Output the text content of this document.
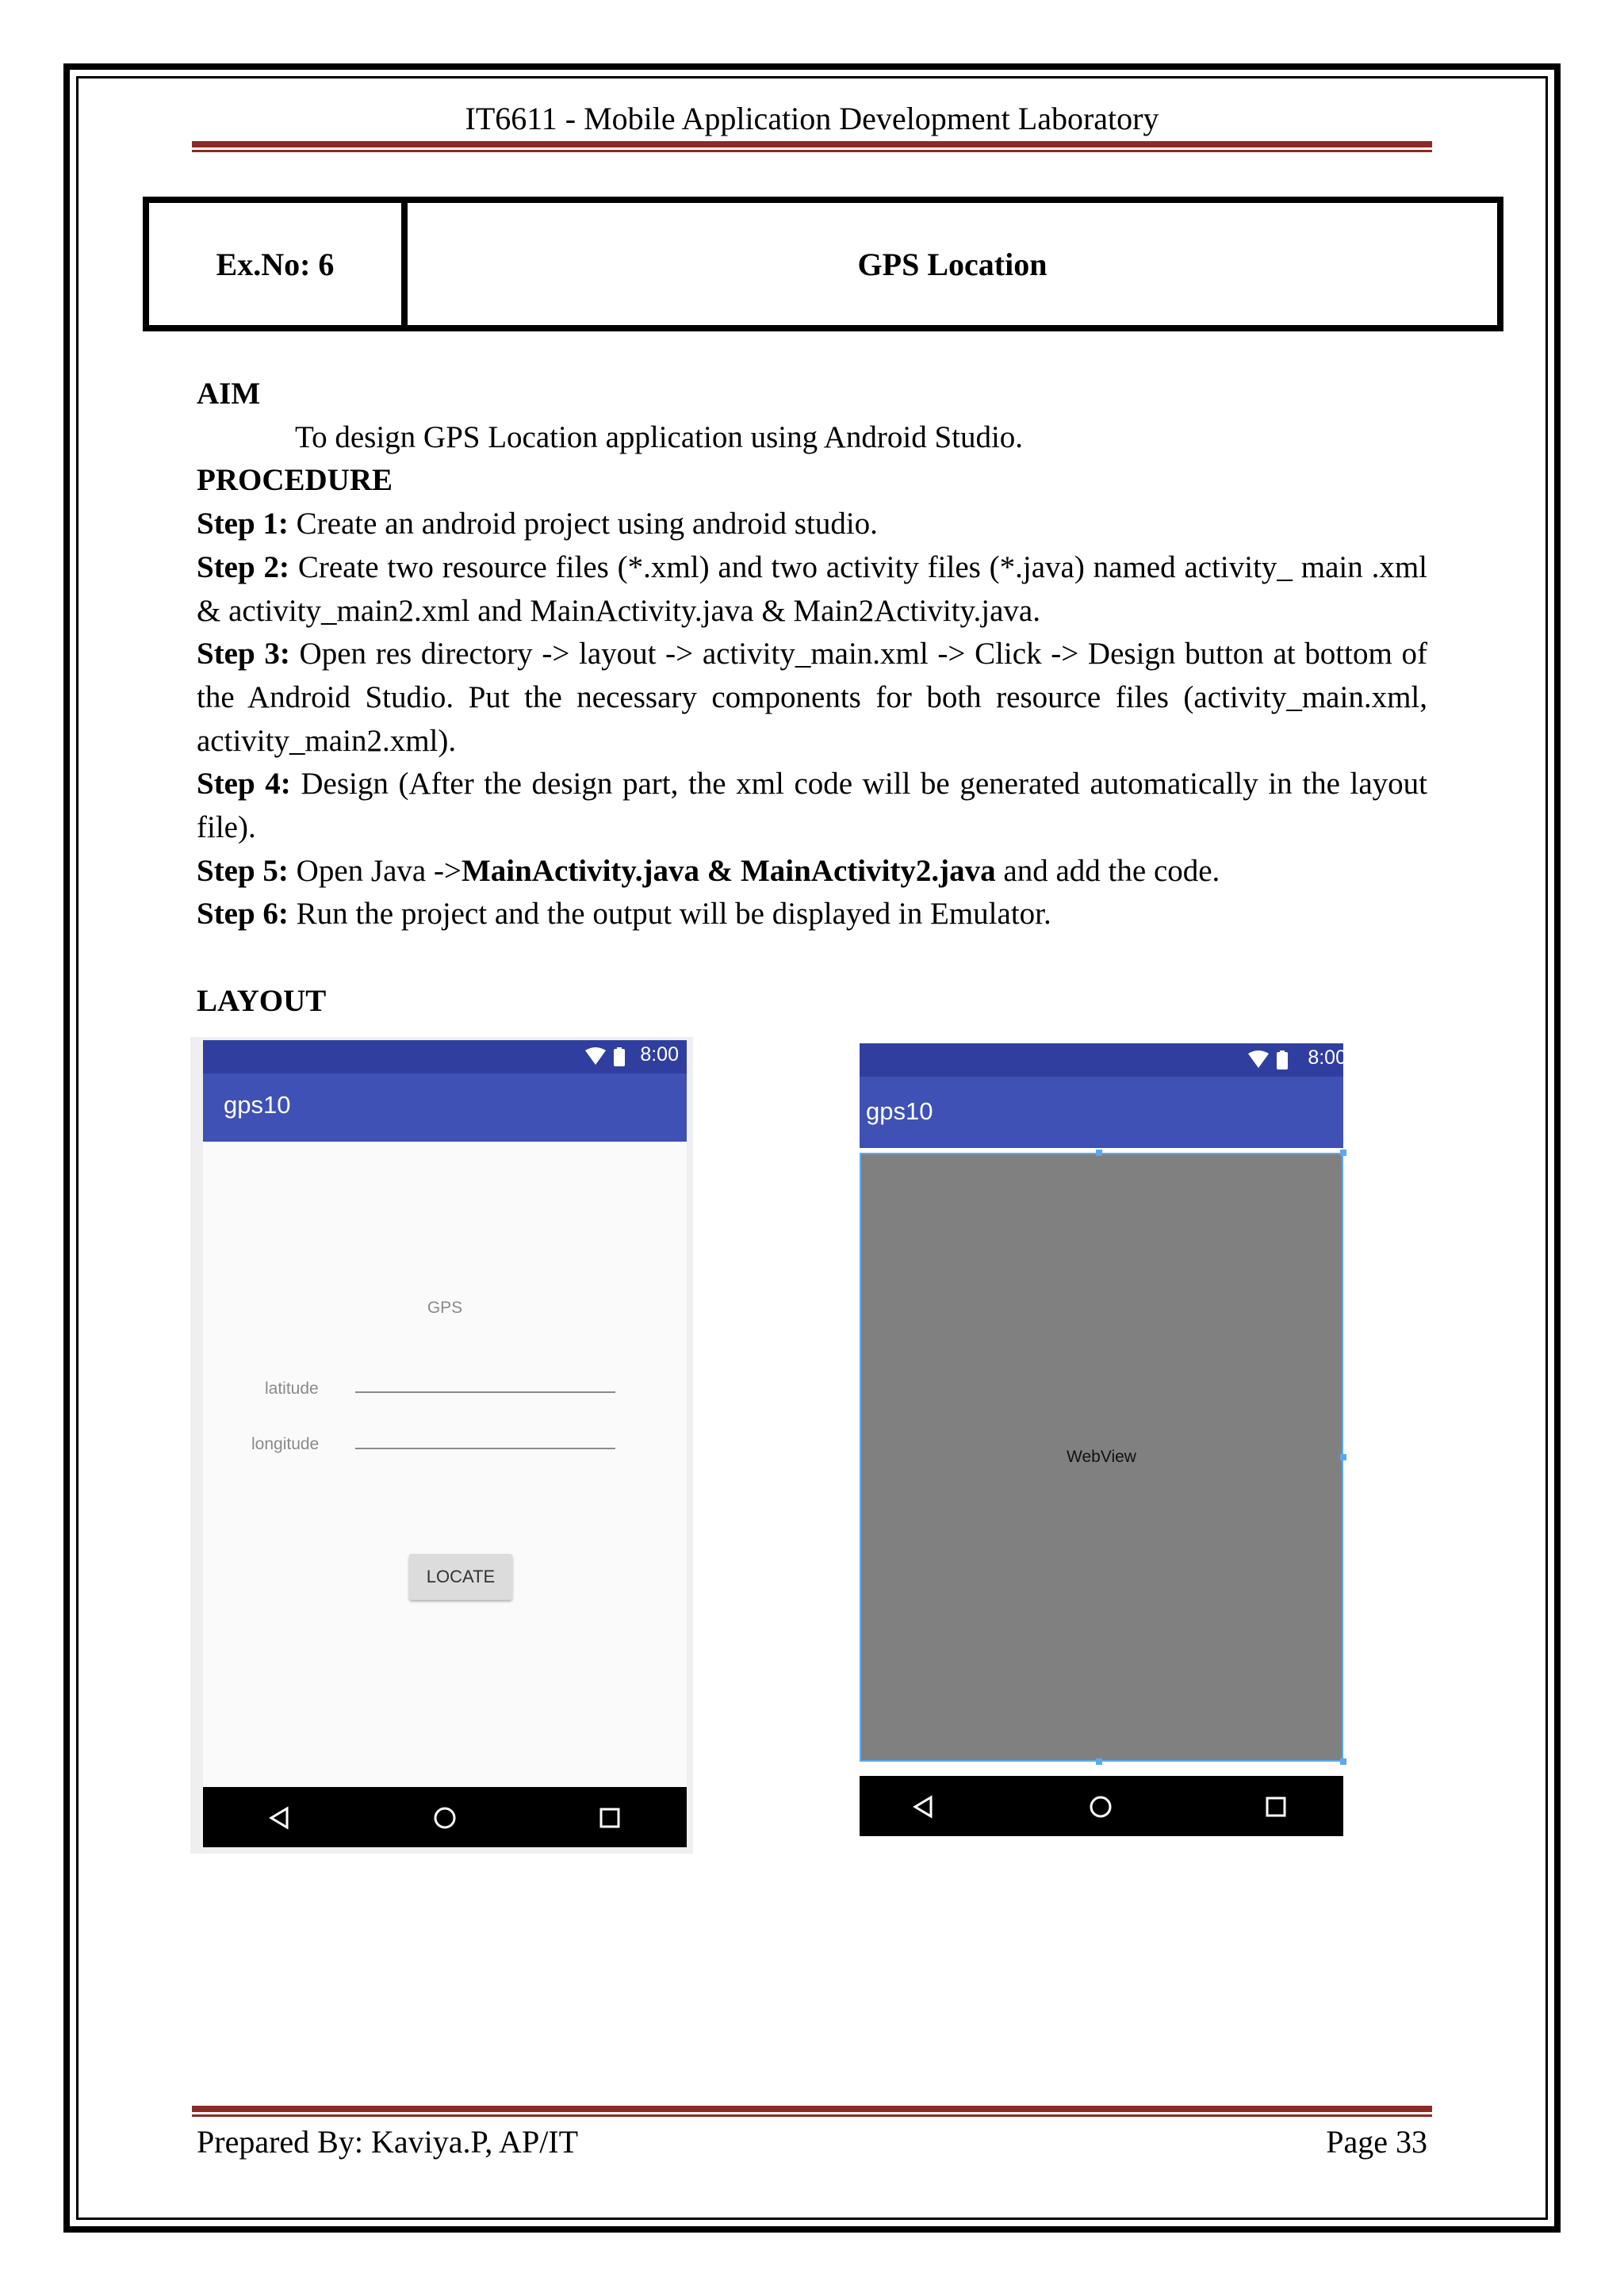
IT6611 - Mobile Application Development Laboratory
Ex.No: 6	GPS Location

AIM

To design GPS Location application using Android Studio.

PROCEDURE

Step 1: Create an android project using android studio.

Step 2: Create two resource files (*.xml) and two activity files (*.java) named activity_ main .xml & activity_main2.xml and MainActivity.java & Main2Activity.java.

Step 3: Open res directory -> layout -> activity_main.xml -> Click -> Design button at bottom of the Android Studio. Put the necessary components for both resource files (activity_main.xml, activity_main2.xml).

Step 4: Design (After the design part, the xml code will be generated automatically in the layout file).

Step 5: Open Java ->MainActivity.java & MainActivity2.java and add the code.

Step 6: Run the project and the output will be displayed in Emulator.

LAYOUT

8:00
gps10
GPS
latitude
longitude
LOCATE
8:00
gps10
WebView
Prepared By: Kaviya.P, AP/IT	Page 33
